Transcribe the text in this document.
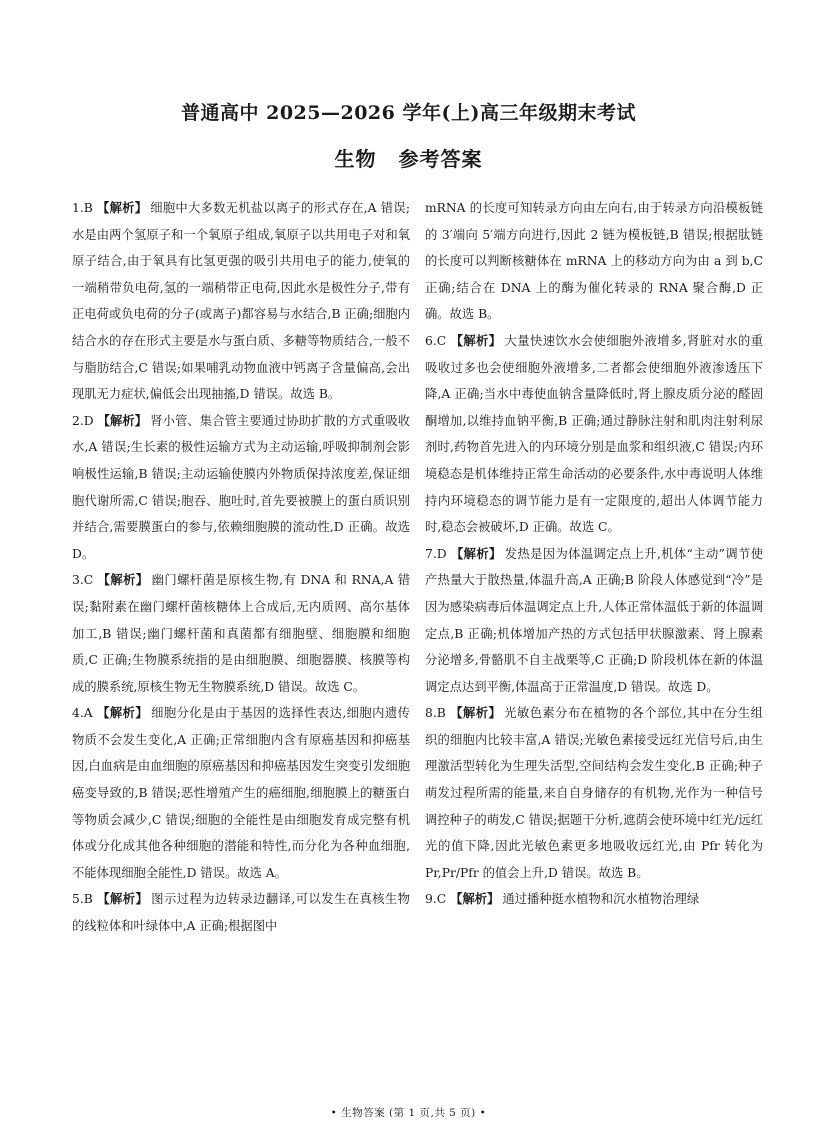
普通高中 2025—2026 学年(上)高三年级期末考试
生物 参考答案

1.B 【解析】 细胞中大多数无机盐以离子的形式存在,A 错误;水是由两个氢原子和一个氧原子组成,氧原子以共用电子对和氧原子结合,由于氧具有比氢更强的吸引共用电子的能力,使氧的一端稍带负电荷,氢的一端稍带正电荷,因此水是极性分子,带有正电荷或负电荷的分子(或离子)都容易与水结合,B 正确;细胞内结合水的存在形式主要是水与蛋白质、多糖等物质结合,一般不与脂肪结合,C 错误;如果哺乳动物血液中钙离子含量偏高,会出现肌无力症状,偏低会出现抽搐,D 错误。故选 B。

2.D 【解析】 肾小管、集合管主要通过协助扩散的方式重吸收水,A 错误;生长素的极性运输方式为主动运输,呼吸抑制剂会影响极性运输,B 错误;主动运输使膜内外物质保持浓度差,保证细胞代谢所需,C 错误;胞吞、胞吐时,首先要被膜上的蛋白质识别并结合,需要膜蛋白的参与,依赖细胞膜的流动性,D 正确。故选 D。

3.C 【解析】 幽门螺杆菌是原核生物,有 DNA 和 RNA,A 错误;黏附素在幽门螺杆菌核糖体上合成后,无内质网、高尔基体加工,B 错误;幽门螺杆菌和真菌都有细胞壁、细胞膜和细胞质,C 正确;生物膜系统指的是由细胞膜、细胞器膜、核膜等构成的膜系统,原核生物无生物膜系统,D 错误。故选 C。

4.A 【解析】 细胞分化是由于基因的选择性表达,细胞内遗传物质不会发生变化,A 正确;正常细胞内含有原癌基因和抑癌基因,白血病是由血细胞的原癌基因和抑癌基因发生突变引发细胞癌变导致的,B 错误;恶性增殖产生的癌细胞,细胞膜上的糖蛋白等物质会减少,C 错误;细胞的全能性是由细胞发育成完整有机体或分化成其他各种细胞的潜能和特性,而分化为各种血细胞,不能体现细胞全能性,D 错误。故选 A。

5.B 【解析】 图示过程为边转录边翻译,可以发生在真核生物的线粒体和叶绿体中,A 正确;根据图中

mRNA 的长度可知转录方向由左向右,由于转录方向沿模板链的 3′端向 5′端方向进行,因此 2 链为模板链,B 错误;根据肽链的长度可以判断核糖体在 mRNA 上的移动方向为由 a 到 b,C 正确;结合在 DNA 上的酶为催化转录的 RNA 聚合酶,D 正确。故选 B。

6.C 【解析】 大量快速饮水会使细胞外液增多,肾脏对水的重吸收过多也会使细胞外液增多,二者都会使细胞外液渗透压下降,A 正确;当水中毒使血钠含量降低时,肾上腺皮质分泌的醛固酮增加,以维持血钠平衡,B 正确;通过静脉注射和肌肉注射利尿剂时,药物首先进入的内环境分别是血浆和组织液,C 错误;内环境稳态是机体维持正常生命活动的必要条件,水中毒说明人体维持内环境稳态的调节能力是有一定限度的,超出人体调节能力时,稳态会被破坏,D 正确。故选 C。

7.D 【解析】 发热是因为体温调定点上升,机体“主动”调节使产热量大于散热量,体温升高,A 正确;B 阶段人体感觉到“冷”是因为感染病毒后体温调定点上升,人体正常体温低于新的体温调定点,B 正确;机体增加产热的方式包括甲状腺激素、肾上腺素分泌增多,骨骼肌不自主战栗等,C 正确;D 阶段机体在新的体温调定点达到平衡,体温高于正常温度,D 错误。故选 D。

8.B 【解析】 光敏色素分布在植物的各个部位,其中在分生组织的细胞内比较丰富,A 错误;光敏色素接受远红光信号后,由生理激活型转化为生理失活型,空间结构会发生变化,B 正确;种子萌发过程所需的能量,来自自身储存的有机物,光作为一种信号调控种子的萌发,C 错误;据题干分析,遮荫会使环境中红光/远红光的值下降,因此光敏色素更多地吸收远红光,由 Pfr 转化为 Pr,Pr/Pfr 的值会上升,D 错误。故选 B。

9.C 【解析】 通过播种挺水植物和沉水植物治理绿

• 生物答案 (第 1 页,共 5 页) •
